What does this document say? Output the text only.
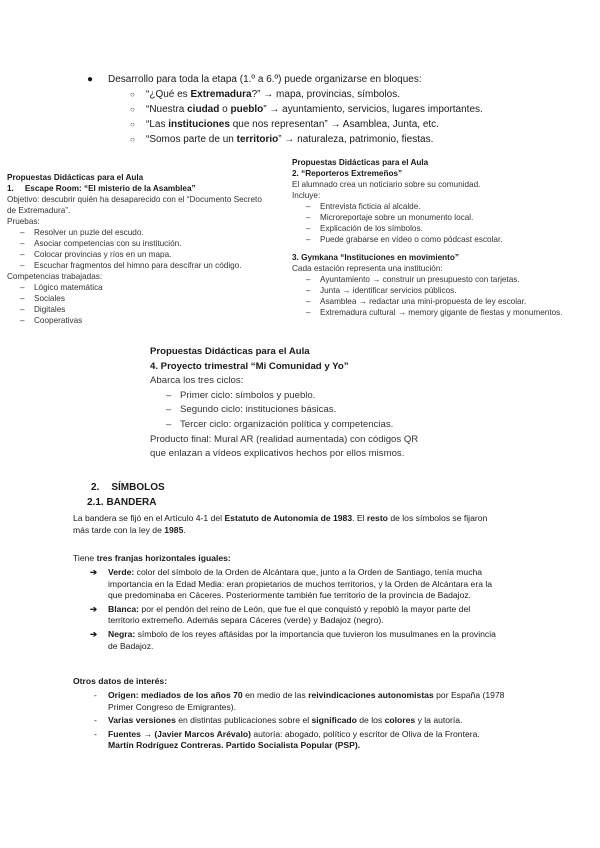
● Desarrollo para toda la etapa (1.º a 6.º) puede organizarse en bloques:
○ “¿Qué es Extremadura?” → mapa, provincias, símbolos.
○ “Nuestra ciudad o pueblo” → ayuntamiento, servicios, lugares importantes.
○ “Las instituciones que nos representan” → Asamblea, Junta, etc.
○ “Somos parte de un territorio” → naturaleza, patrimonio, fiestas.
Propuestas Didácticas para el Aula
1. Escape Room: “El misterio de la Asamblea”
Objetivo: descubrir quién ha desaparecido con el “Documento Secreto
de Extremadura”.
Pruebas:
– Resolver un puzle del escudo.
– Asociar competencias con su institución.
– Colocar provincias y ríos en un mapa.
– Escuchar fragmentos del himno para descifrar un código.
Competencias trabajadas:
– Lógico matemática
– Sociales
– Digitales
– Cooperativas
Propuestas Didácticas para el Aula
2. “Reporteros Extremeños”
El alumnado crea un noticiario sobre su comunidad.
Incluye:
– Entrevista ficticia al alcalde.
– Microreportaje sobre un monumento local.
– Explicación de los símbolos.
– Puede grabarse en vídeo o como pódcast escolar.
3. Gymkana “Instituciones en movimiento”
Cada estación representa una institución:
– Ayuntamiento → construir un presupuesto con tarjetas.
– Junta → identificar servicios públicos.
– Asamblea → redactar una mini-propuesta de ley escolar.
– Extremadura cultural → memory gigante de fiestas y monumentos.
Propuestas Didácticas para el Aula
4. Proyecto trimestral “Mi Comunidad y Yo”
Abarca los tres ciclos:
– Primer ciclo: símbolos y pueblo.
– Segundo ciclo: instituciones básicas.
– Tercer ciclo: organización política y competencias.
Producto final: Mural AR (realidad aumentada) con códigos QR
que enlazan a vídeos explicativos hechos por ellos mismos.
2. SÍMBOLOS
2.1. BANDERA
La bandera se fijó en el Artículo 4-1 del Estatuto de Autonomía de 1983. El resto de los símbolos se fijaron
más tarde con la ley de 1985.
Tiene tres franjas horizontales iguales:
➔ Verde: color del símbolo de la Orden de Alcántara que, junto a la Orden de Santiago, tenía mucha
importancia en la Edad Media: eran propietarios de muchos territorios, y la Orden de Alcántara era la
que predominaba en Cáceres. Posteriormente también fue territorio de la provincia de Badajoz.
➔ Blanca: por el pendón del reino de León, que fue el que conquistó y repobló la mayor parte del
territorio extremeño. Además separa Cáceres (verde) y Badajoz (negro).
➔ Negra: símbolo de los reyes aftásidas por la importancia que tuvieron los musulmanes en la provincia
de Badajoz.
Otros datos de interés:
- Origen: mediados de los años 70 en medio de las reivindicaciones autonomistas por España (1978
Primer Congreso de Emigrantes).
- Varias versiones en distintas publicaciones sobre el significado de los colores y la autoría.
- Fuentes → (Javier Marcos Arévalo) autoría: abogado, político y escritor de Oliva de la Frontera.
Martín Rodríguez Contreras. Partido Socialista Popular (PSP).
